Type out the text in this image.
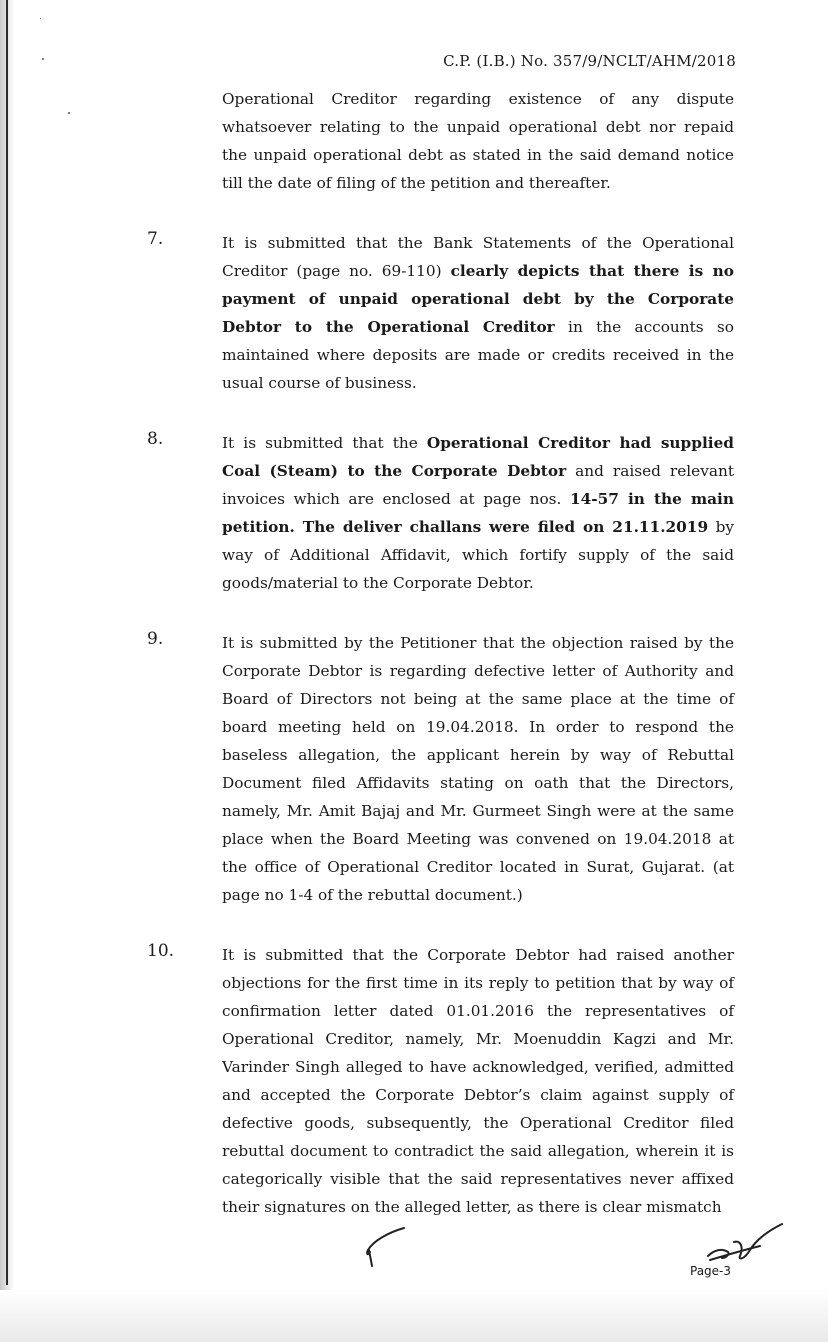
C.P. (I.B.) No. 357/9/NCLT/AHM/2018

Operational Creditor regarding existence of any dispute whatsoever relating to the unpaid operational debt nor repaid the unpaid operational debt as stated in the said demand notice till the date of filing of the petition and thereafter.

7.	It is submitted that the Bank Statements of the Operational Creditor (page no. 69-110) clearly depicts that there is no payment of unpaid operational debt by the Corporate Debtor to the Operational Creditor in the accounts so maintained where deposits are made or credits received in the usual course of business.

8.	It is submitted that the Operational Creditor had supplied Coal (Steam) to the Corporate Debtor and raised relevant invoices which are enclosed at page nos. 14-57 in the main petition. The deliver challans were filed on 21.11.2019 by way of Additional Affidavit, which fortify supply of the said goods/material to the Corporate Debtor.

9.	It is submitted by the Petitioner that the objection raised by the Corporate Debtor is regarding defective letter of Authority and Board of Directors not being at the same place at the time of board meeting held on 19.04.2018. In order to respond the baseless allegation, the applicant herein by way of Rebuttal Document filed Affidavits stating on oath that the Directors, namely, Mr. Amit Bajaj and Mr. Gurmeet Singh were at the same place when the Board Meeting was convened on 19.04.2018 at the office of Operational Creditor located in Surat, Gujarat. (at page no 1-4 of the rebuttal document.)

10.	It is submitted that the Corporate Debtor had raised another objections for the first time in its reply to petition that by way of confirmation letter dated 01.01.2016 the representatives of Operational Creditor, namely, Mr. Moenuddin Kagzi and Mr. Varinder Singh alleged to have acknowledged, verified, admitted and accepted the Corporate Debtor’s claim against supply of defective goods, subsequently, the Operational Creditor filed rebuttal document to contradict the said allegation, wherein it is categorically visible that the said representatives never affixed their signatures on the alleged letter, as there is clear mismatch

Page-3
